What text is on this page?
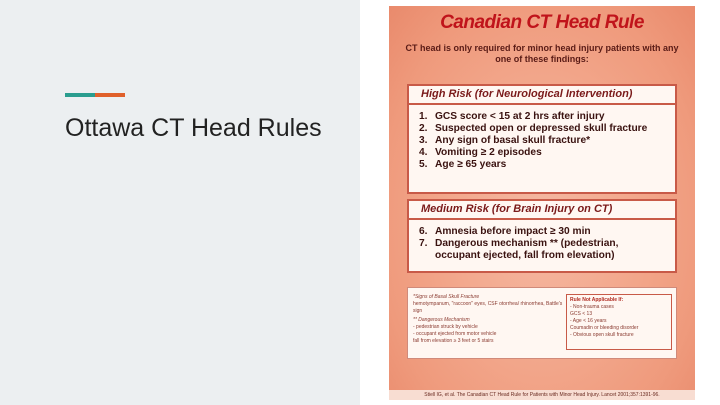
Ottawa CT Head Rules
Canadian CT Head Rule
CT head is only required for minor head injury patients with any one of these findings:
High Risk (for Neurological Intervention)
1. GCS score < 15 at 2 hrs after injury
2. Suspected open or depressed skull fracture
3. Any sign of basal skull fracture*
4. Vomiting ≥ 2 episodes
5. Age ≥ 65 years
Medium Risk (for Brain Injury on CT)
6. Amnesia before impact ≥ 30 min
7. Dangerous mechanism ** (pedestrian,
occupant ejected, fall from elevation)
*Signs of Basal Skull Fracture
hemotympanum, "raccoon" eyes, CSF otorrhea/ rhinorrhea, Battle's sign
** Dangerous Mechanism
- pedestrian struck by vehicle
- occupant ejected from motor vehicle
fall from elevation ≥ 3 feet or 5 stairs
Rule Not Applicable If:
- Non-trauma cases
GCS < 13
- Age < 16 years
Coumadin or bleeding disorder
- Obvious open skull fracture
Stiell IG, et al. The Canadian CT Head Rule for Patients with Minor Head Injury. Lancet 2001;357:1391-96.
